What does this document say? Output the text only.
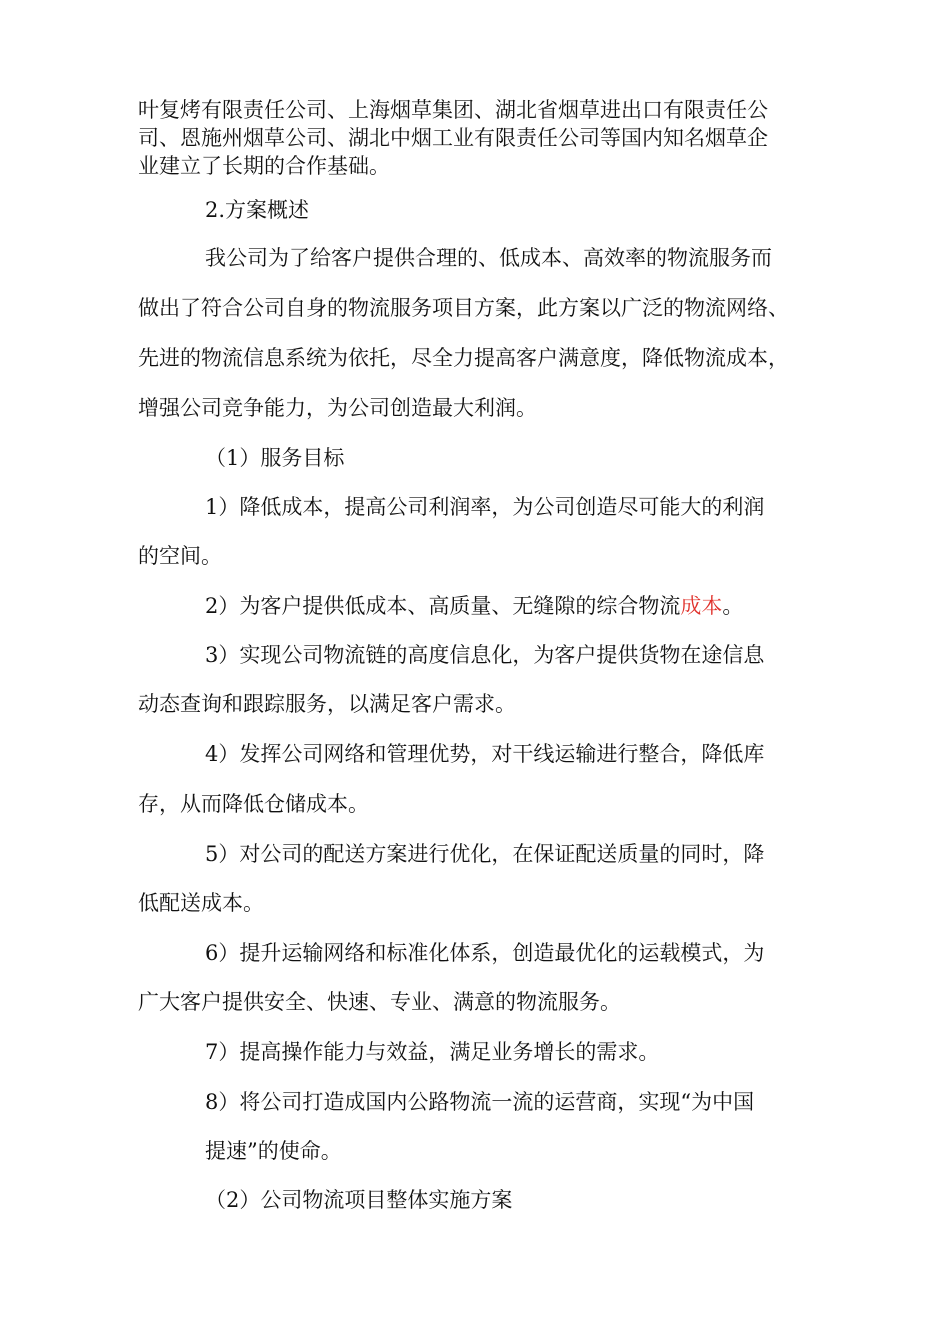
叶复烤有限责任公司、上海烟草集团、湖北省烟草进出口有限责任公
司、恩施州烟草公司、湖北中烟工业有限责任公司等国内知名烟草企
业建立了长期的合作基础。
2.方案概述
我公司为了给客户提供合理的、低成本、高效率的物流服务而
做出了符合公司自身的物流服务项目方案，此方案以广泛的物流网络、
先进的物流信息系统为依托，尽全力提高客户满意度，降低物流成本，
增强公司竞争能力，为公司创造最大利润。
（1）服务目标
1）降低成本，提高公司利润率，为公司创造尽可能大的利润
的空间。
2）为客户提供低成本、高质量、无缝隙的综合物流成本。
3）实现公司物流链的高度信息化，为客户提供货物在途信息
动态查询和跟踪服务，以满足客户需求。
4）发挥公司网络和管理优势，对干线运输进行整合，降低库
存，从而降低仓储成本。
5）对公司的配送方案进行优化，在保证配送质量的同时，降
低配送成本。
6）提升运输网络和标准化体系，创造最优化的运载模式，为
广大客户提供安全、快速、专业、满意的物流服务。
7）提高操作能力与效益，满足业务增长的需求。
8）将公司打造成国内公路物流一流的运营商，实现“为中国
提速”的使命。
（2）公司物流项目整体实施方案
